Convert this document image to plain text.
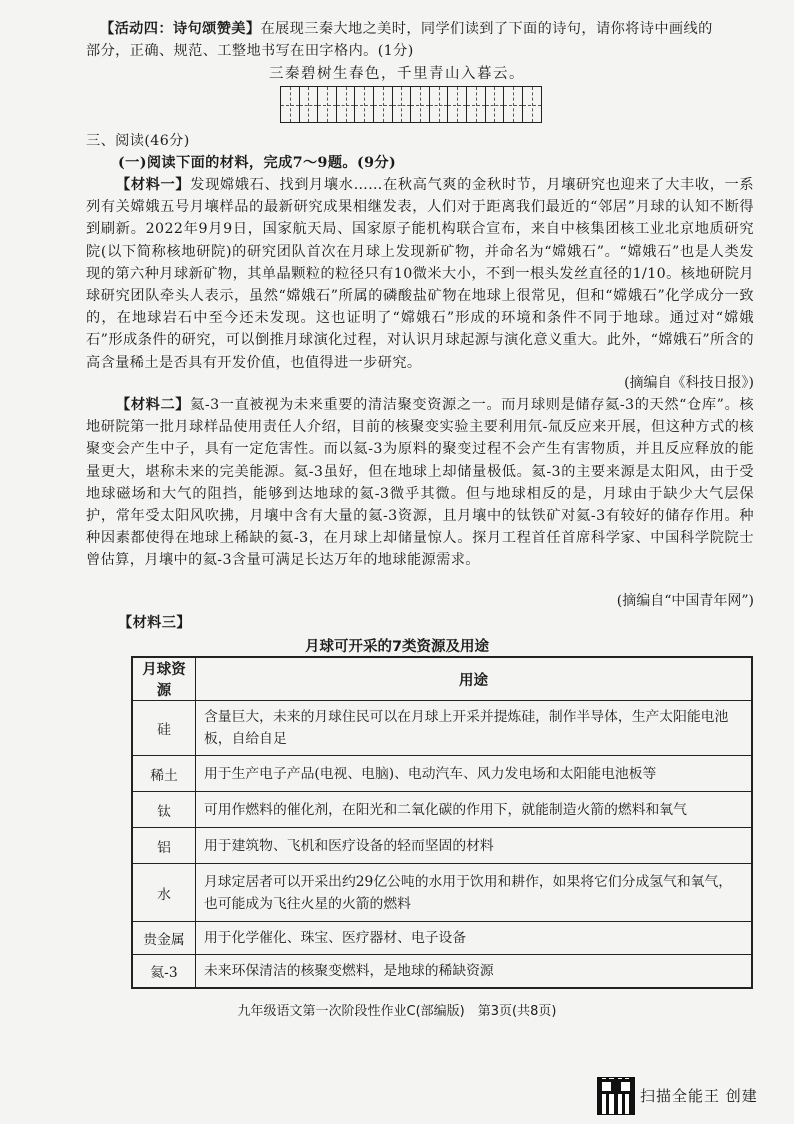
【活动四：诗句颂赞美】在展现三秦大地之美时，同学们读到了下面的诗句，请你将诗中画线的
部分，正确、规范、工整地书写在田字格内。(1分)
三秦碧树生春色，千里青山入暮云。
三、阅读(46分)
(一)阅读下面的材料，完成7～9题。(9分)
【材料一】发现嫦娥石、找到月壤水……在秋高气爽的金秋时节，月壤研究也迎来了大丰收，一系列有关嫦娥五号月壤样品的最新研究成果相继发表，人们对于距离我们最近的“邻居”月球的认知不断得到刷新。2022年9月9日，国家航天局、国家原子能机构联合宣布，来自中核集团核工业北京地质研究院(以下简称核地研院)的研究团队首次在月球上发现新矿物，并命名为“嫦娥石”。“嫦娥石”也是人类发现的第六种月球新矿物，其单晶颗粒的粒径只有10微米大小，不到一根头发丝直径的1/10。核地研院月球研究团队牵头人表示，虽然“嫦娥石”所属的磷酸盐矿物在地球上很常见，但和“嫦娥石”化学成分一致的，在地球岩石中至今还未发现。这也证明了“嫦娥石”形成的环境和条件不同于地球。通过对“嫦娥石”形成条件的研究，可以倒推月球演化过程，对认识月球起源与演化意义重大。此外，“嫦娥石”所含的高含量稀土是否具有开发价值，也值得进一步研究。
(摘编自《科技日报》)
【材料二】氦-3一直被视为未来重要的清洁聚变资源之一。而月球则是储存氦-3的天然“仓库”。核地研院第一批月球样品使用责任人介绍，目前的核聚变实验主要利用氘-氚反应来开展，但这种方式的核聚变会产生中子，具有一定危害性。而以氦-3为原料的聚变过程不会产生有害物质，并且反应释放的能量更大，堪称未来的完美能源。氦-3虽好，但在地球上却储量极低。氦-3的主要来源是太阳风，由于受地球磁场和大气的阻挡，能够到达地球的氦-3微乎其微。但与地球相反的是，月球由于缺少大气层保护，常年受太阳风吹拂，月壤中含有大量的氦-3资源，且月壤中的钛铁矿对氦-3有较好的储存作用。种种因素都使得在地球上稀缺的氦-3，在月球上却储量惊人。探月工程首任首席科学家、中国科学院院士曾估算，月壤中的氦-3含量可满足长达万年的地球能源需求。
(摘编自“中国青年网”)
【材料三】
月球可开采的7类资源及用途
月球资源	用途
硅	含量巨大，未来的月球住民可以在月球上开采并提炼硅，制作半导体，生产太阳能电池板，自给自足
稀土	用于生产电子产品(电视、电脑)、电动汽车、风力发电场和太阳能电池板等
钛	可用作燃料的催化剂，在阳光和二氧化碳的作用下，就能制造火箭的燃料和氧气
铝	用于建筑物、飞机和医疗设备的轻而坚固的材料
水	月球定居者可以开采出约29亿公吨的水用于饮用和耕作，如果将它们分成氢气和氧气，也可能成为飞往火星的火箭的燃料
贵金属	用于化学催化、珠宝、医疗器材、电子设备
氦-3	未来环保清洁的核聚变燃料，是地球的稀缺资源
九年级语文第一次阶段性作业C(部编版)　第3页(共8页)
扫描全能王 创建
